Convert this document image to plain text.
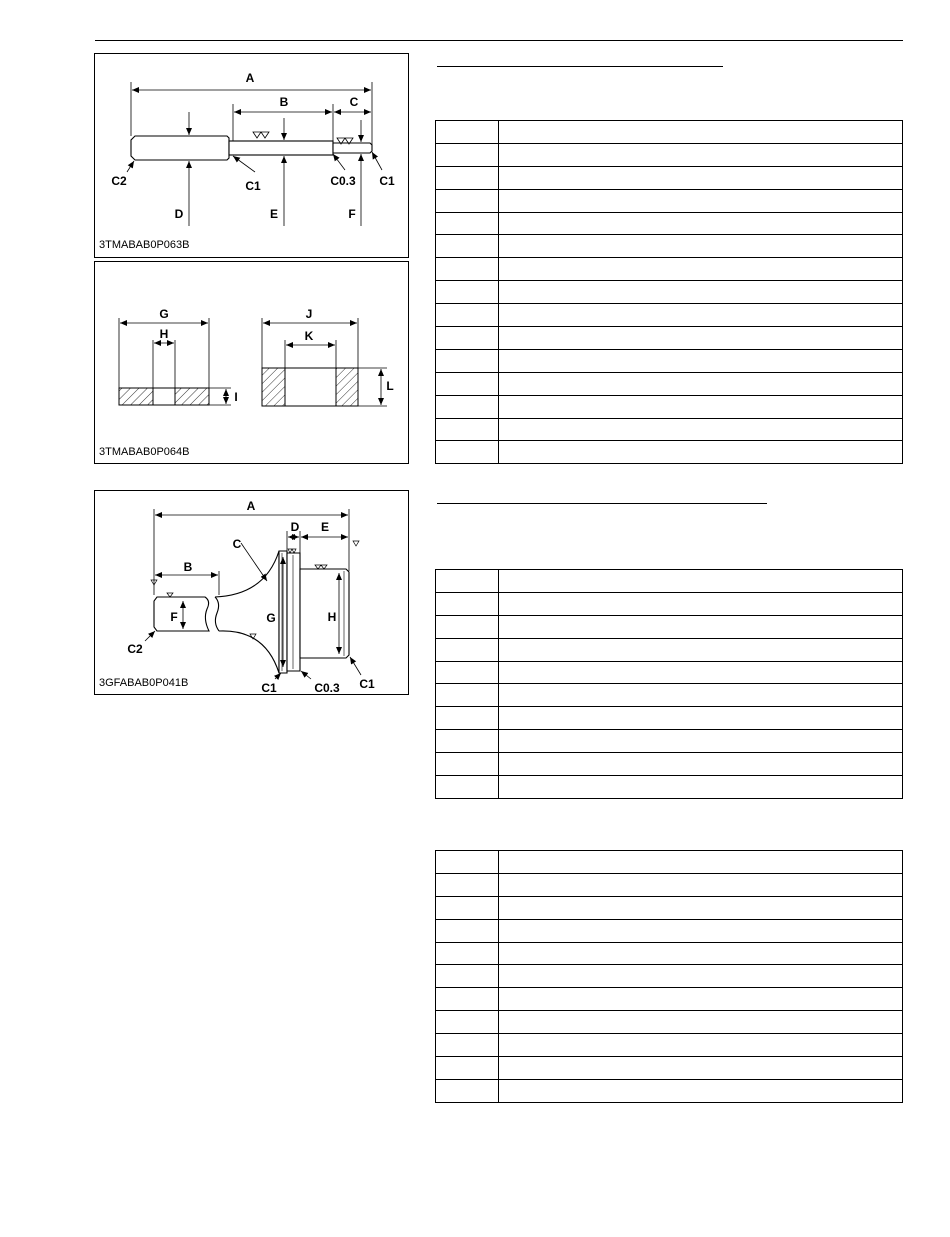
A
B	C
C2	C1	C0.3 C1
D	E	F
3TMABAB0P063B
G
H
I
J
K
L
3TMABAB0P064B
A
B
C
D E
F	G	H
C2
C1	C0.3 C1
3GFABAB0P041B
